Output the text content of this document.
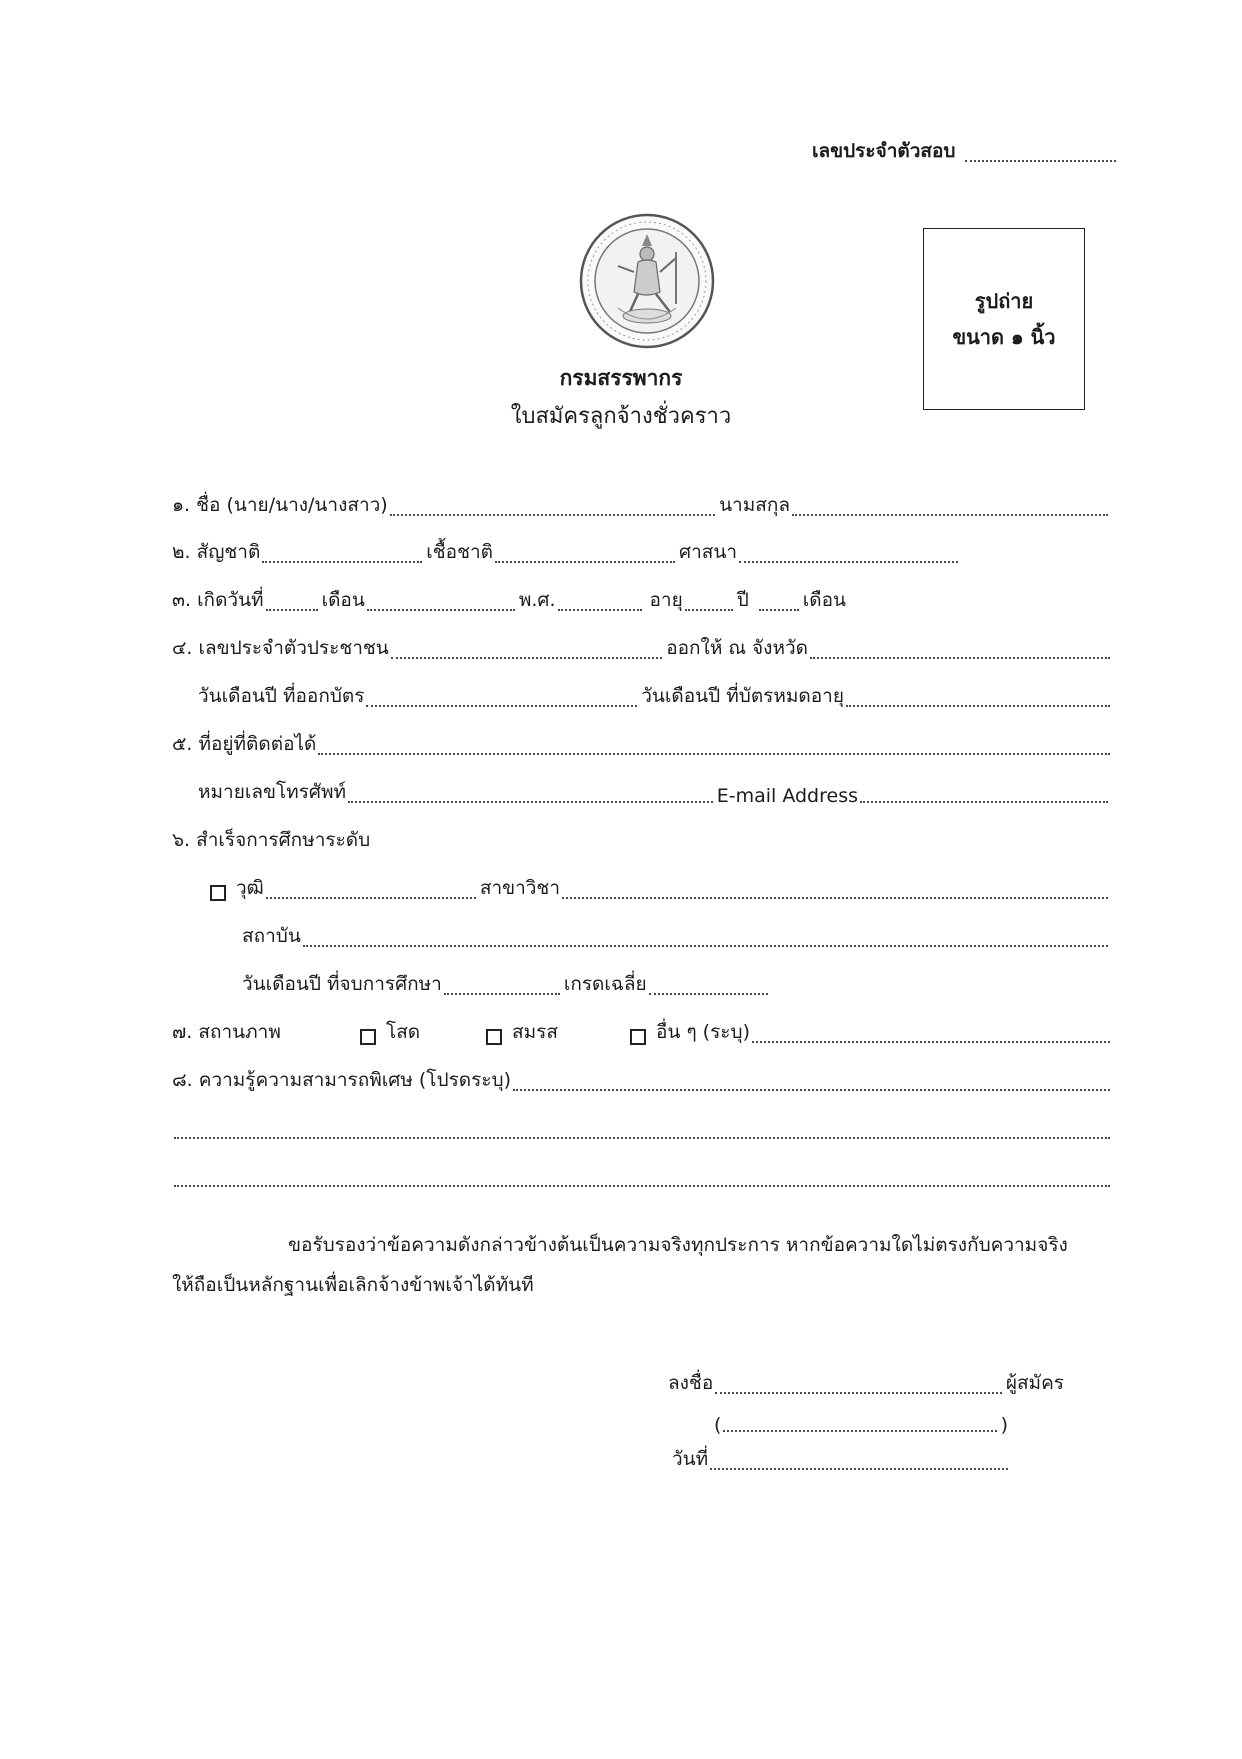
เลขประจำตัวสอบ
รูปถ่าย
ขนาด ๑ นิ้ว
กรมสรรพากร
ใบสมัครลูกจ้างชั่วคราว
๑. ชื่อ (นาย/นาง/นางสาว)	นามสกุล
๒. สัญชาติ	เชื้อชาติ	ศาสนา
๓. เกิดวันที่	เดือน	พ.ศ.	อายุ	ปี	เดือน
๔. เลขประจำตัวประชาชน	ออกให้ ณ จังหวัด
วันเดือนปี ที่ออกบัตร	วันเดือนปี ที่บัตรหมดอายุ
๕. ที่อยู่ที่ติดต่อได้
หมายเลขโทรศัพท์	E-mail Address
๖. สำเร็จการศึกษาระดับ
วุฒิ	สาขาวิชา
สถาบัน
วันเดือนปี ที่จบการศึกษา	เกรดเฉลี่ย
๗. สถานภาพ	โสด	สมรส	อื่น ๆ (ระบุ)
๘. ความรู้ความสามารถพิเศษ (โปรดระบุ)
ขอรับรองว่าข้อความดังกล่าวข้างต้นเป็นความจริงทุกประการ หากข้อความใดไม่ตรงกับความจริง
ให้ถือเป็นหลักฐานเพื่อเลิกจ้างข้าพเจ้าได้ทันที
ลงชื่อ	ผู้สมัคร
(	)
วันที่
